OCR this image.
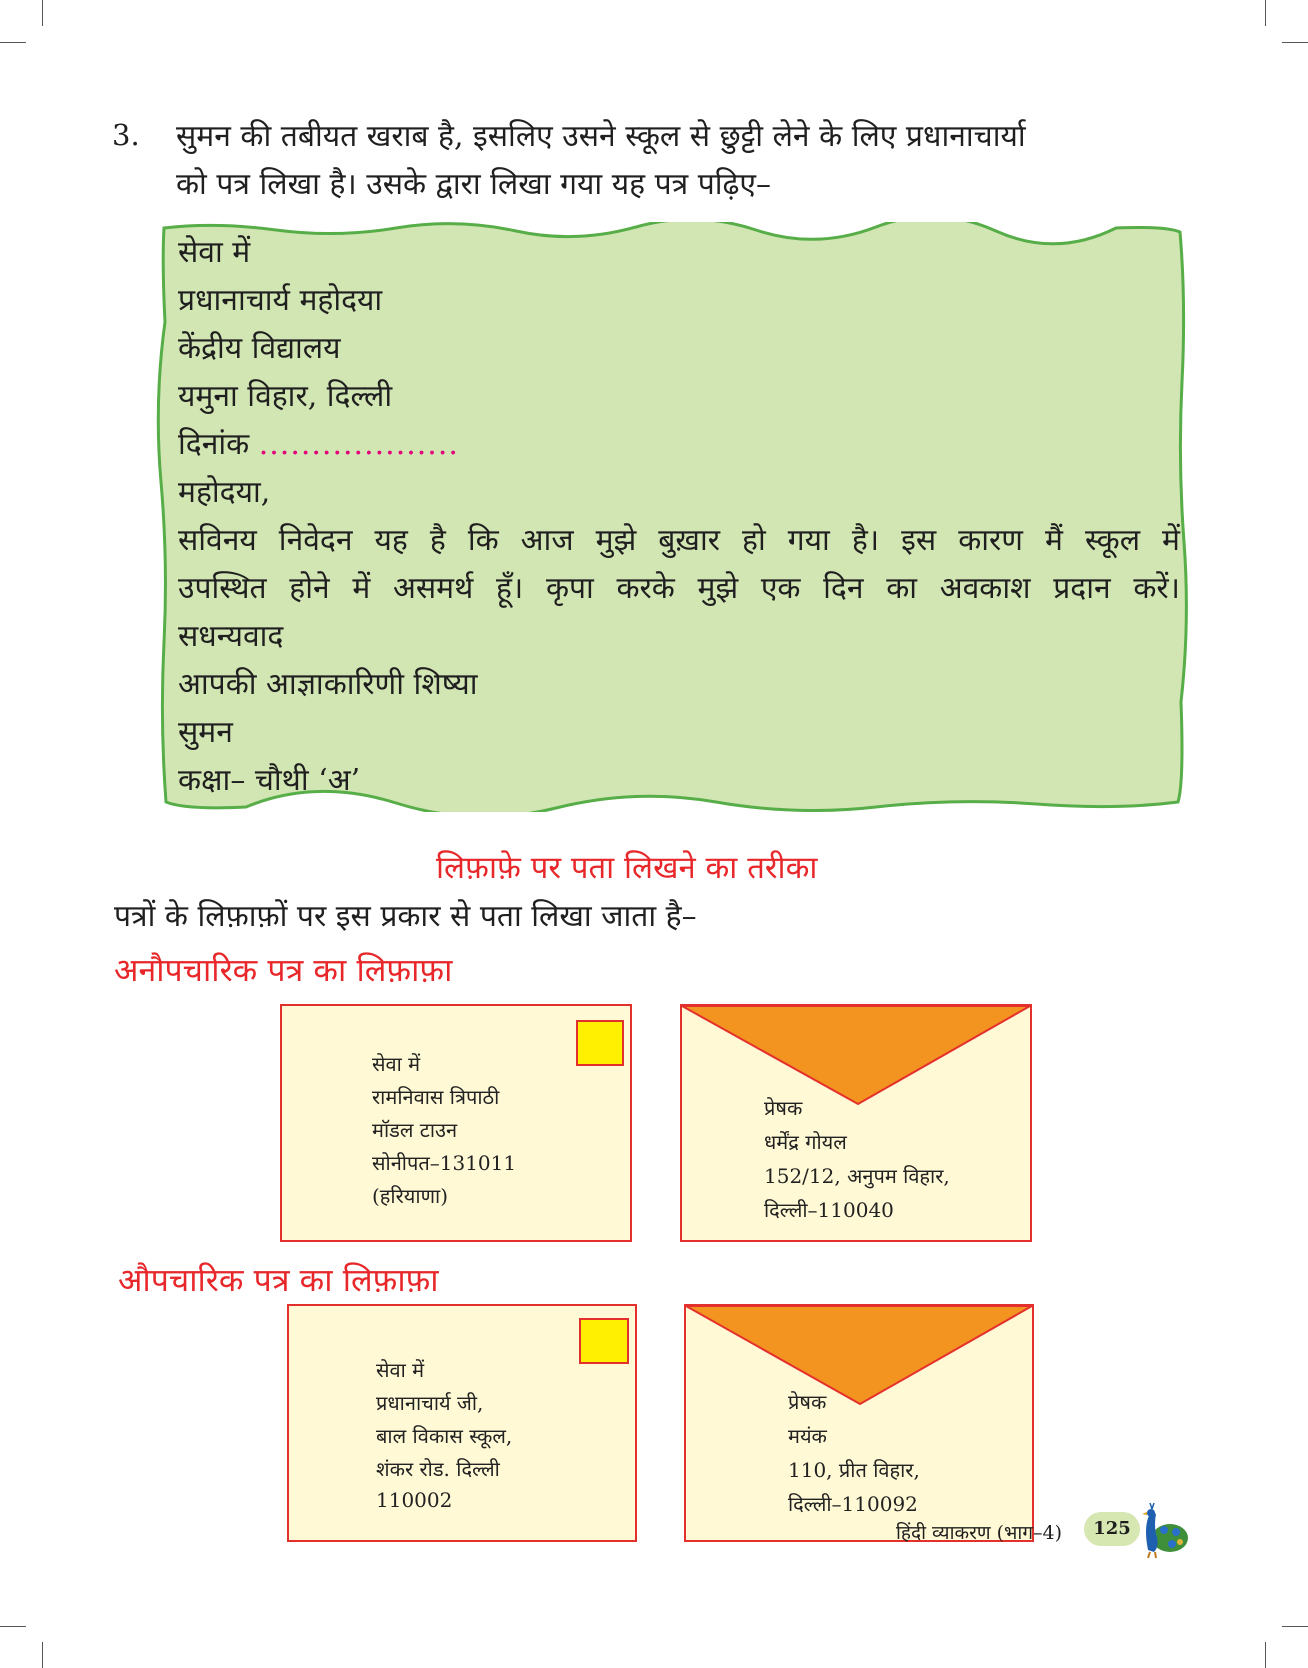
3. सुमन की तबीयत खराब है, इसलिए उसने स्कूल से छुट्टी लेने के लिए प्रधानाचार्या
को पत्र लिखा है। उसके द्वारा लिखा गया यह पत्र पढ़िए–
सेवा में
प्रधानाचार्य महोदया
केंद्रीय विद्यालय
यमुना विहार, दिल्ली
दिनांक ...................
महोदया,
सविनय निवेदन यह है कि आज मुझे बुख़ार हो गया है। इस कारण मैं स्कूल में
उपस्थित होने में असमर्थ हूँ। कृपा करके मुझे एक दिन का अवकाश प्रदान करें।
सधन्यवाद
आपकी आज्ञाकारिणी शिष्या
सुमन
कक्षा– चौथी ‘अ’
लिफ़ाफ़े पर पता लिखने का तरीका
पत्रों के लिफ़ाफ़ों पर इस प्रकार से पता लिखा जाता है–
अनौपचारिक पत्र का लिफ़ाफ़ा
सेवा में
रामनिवास त्रिपाठी
मॉडल टाउन
सोनीपत–131011
(हरियाणा)
प्रेषक
धर्मेंद्र गोयल
152/12, अनुपम विहार,
दिल्ली–110040
औपचारिक पत्र का लिफ़ाफ़ा
सेवा में
प्रधानाचार्य जी,
बाल विकास स्कूल,
शंकर रोड. दिल्ली
110002
प्रेषक
मयंक
110, प्रीत विहार,
दिल्ली–110092
हिंदी व्याकरण (भाग–4)	125
